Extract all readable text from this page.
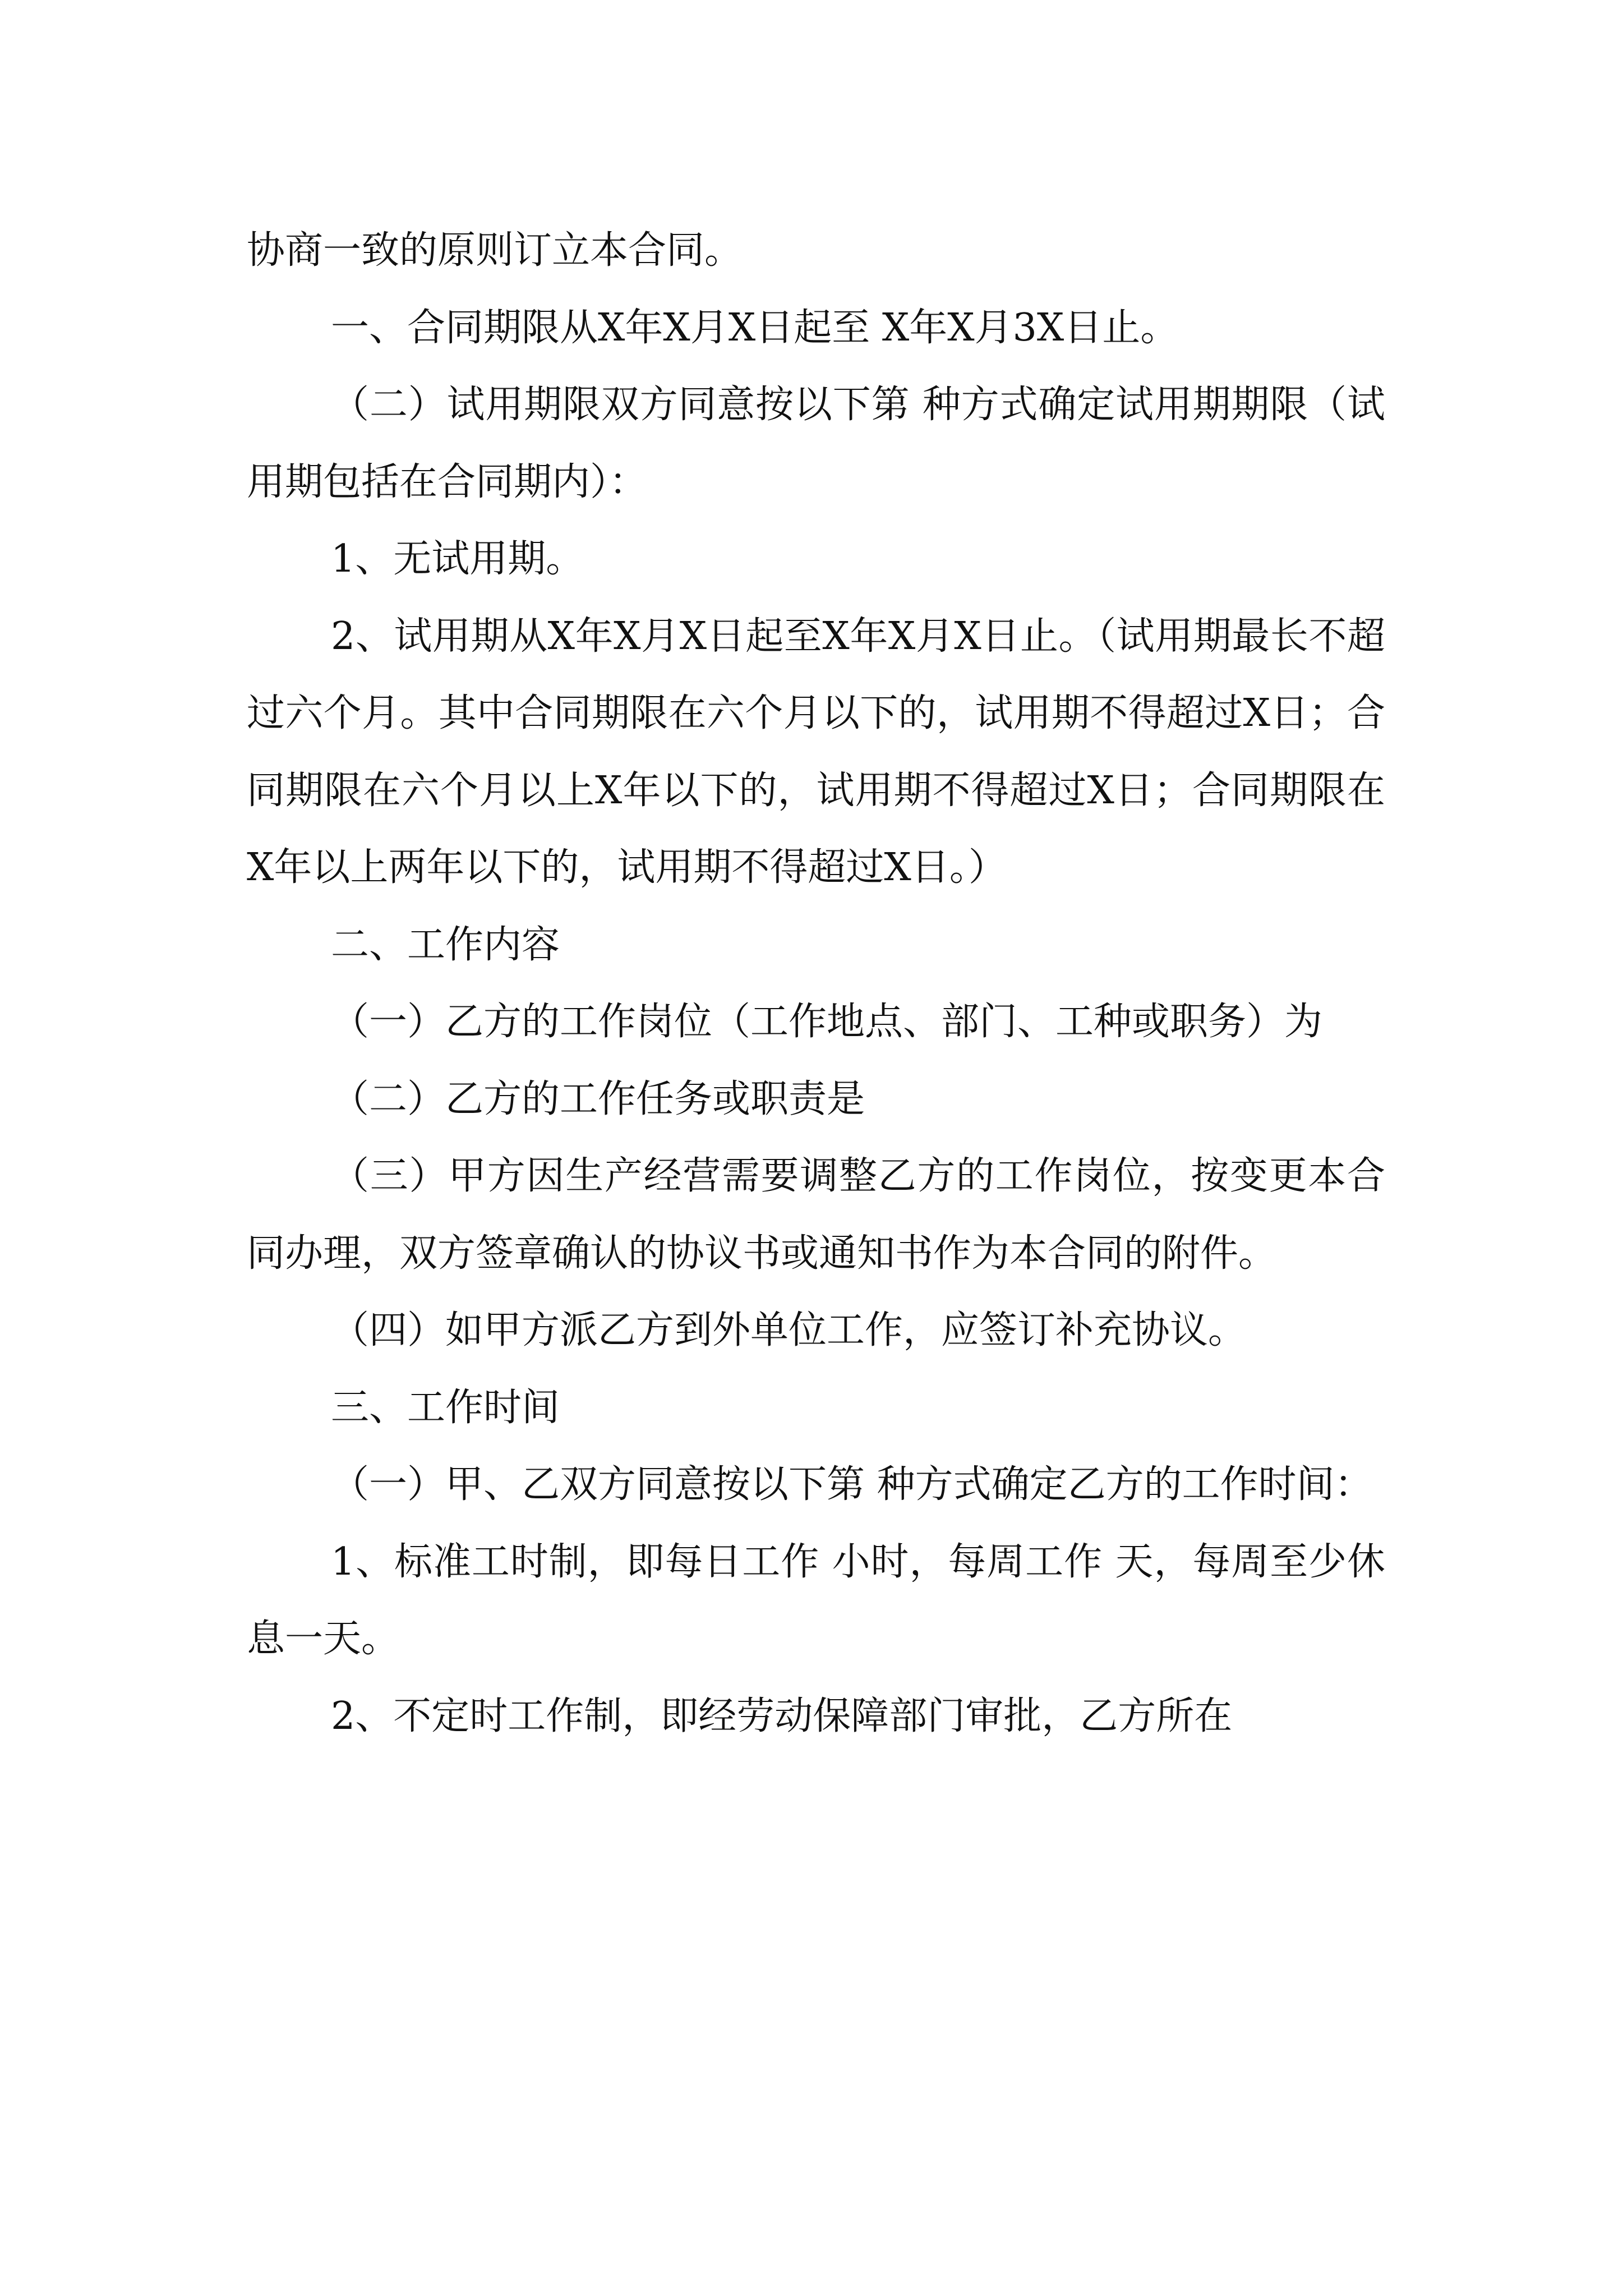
协商一致的原则订立本合同。

一、合同期限从X年X月X日起至 X年X月3X日止。

（二）试用期限双方同意按以下第 种方式确定试用期期限（试用期包括在合同期内）：

1、无试用期。

2、试用期从X年X月X日起至X年X月X日止。（试用期最长不超过六个月。其中合同期限在六个月以下的，试用期不得超过X日；合同期限在六个月以上X年以下的，试用期不得超过X日；合同期限在X年以上两年以下的，试用期不得超过X日。）

二、工作内容

（一）乙方的工作岗位（工作地点、部门、工种或职务）为

（二）乙方的工作任务或职责是

（三）甲方因生产经营需要调整乙方的工作岗位，按变更本合同办理，双方签章确认的协议书或通知书作为本合同的附件。

（四）如甲方派乙方到外单位工作，应签订补充协议。

三、工作时间

（一）甲、乙双方同意按以下第 种方式确定乙方的工作时间：

1、标准工时制，即每日工作 小时，每周工作 天，每周至少休息一天。

2、不定时工作制，即经劳动保障部门审批，乙方所在
